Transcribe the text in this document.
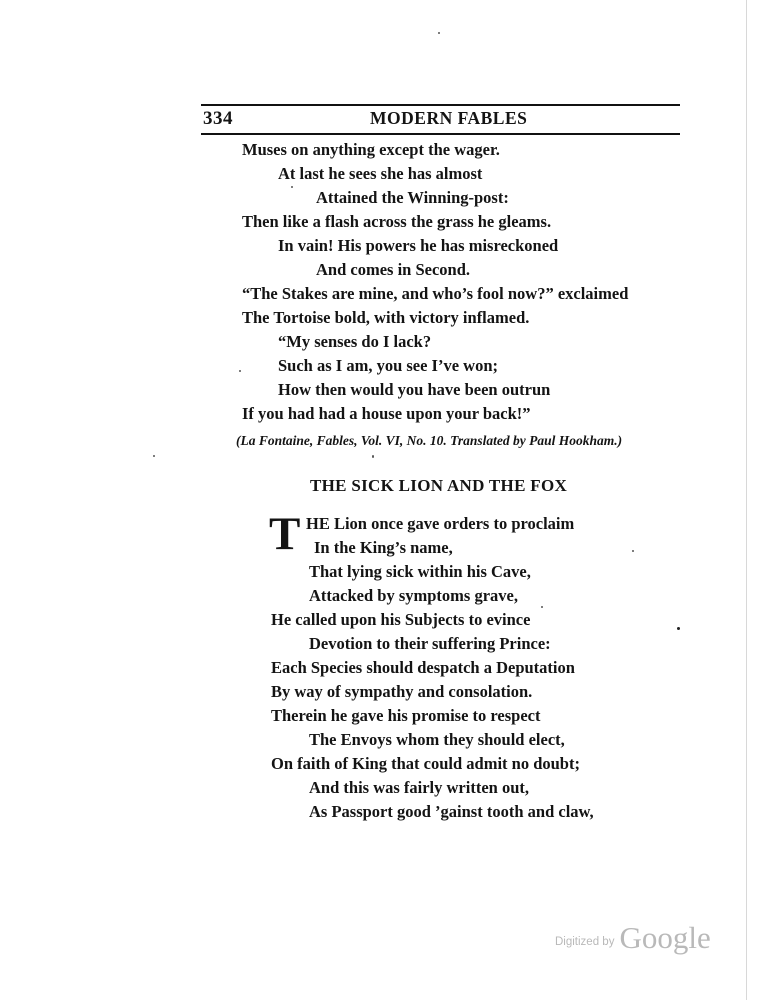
334	MODERN FABLES
Muses on anything except the wager.
At last he sees she has almost
Attained the Winning-post:
Then like a flash across the grass he gleams.
In vain! His powers he has misreckoned
And comes in Second.
“The Stakes are mine, and who’s fool now?” exclaimed
The Tortoise bold, with victory inflamed.
“My senses do I lack?
Such as I am, you see I’ve won;
How then would you have been outrun
If you had had a house upon your back!”
(La Fontaine, Fables, Vol. VI, No. 10. Translated by Paul Hookham.)
THE SICK LION AND THE FOX
T HE Lion once gave orders to proclaim
In the King’s name,
That lying sick within his Cave,
Attacked by symptoms grave,
He called upon his Subjects to evince
Devotion to their suffering Prince:
Each Species should despatch a Deputation
By way of sympathy and consolation.
Therein he gave his promise to respect
The Envoys whom they should elect,
On faith of King that could admit no doubt;
And this was fairly written out,
As Passport good ’gainst tooth and claw,
Digitized by Google
